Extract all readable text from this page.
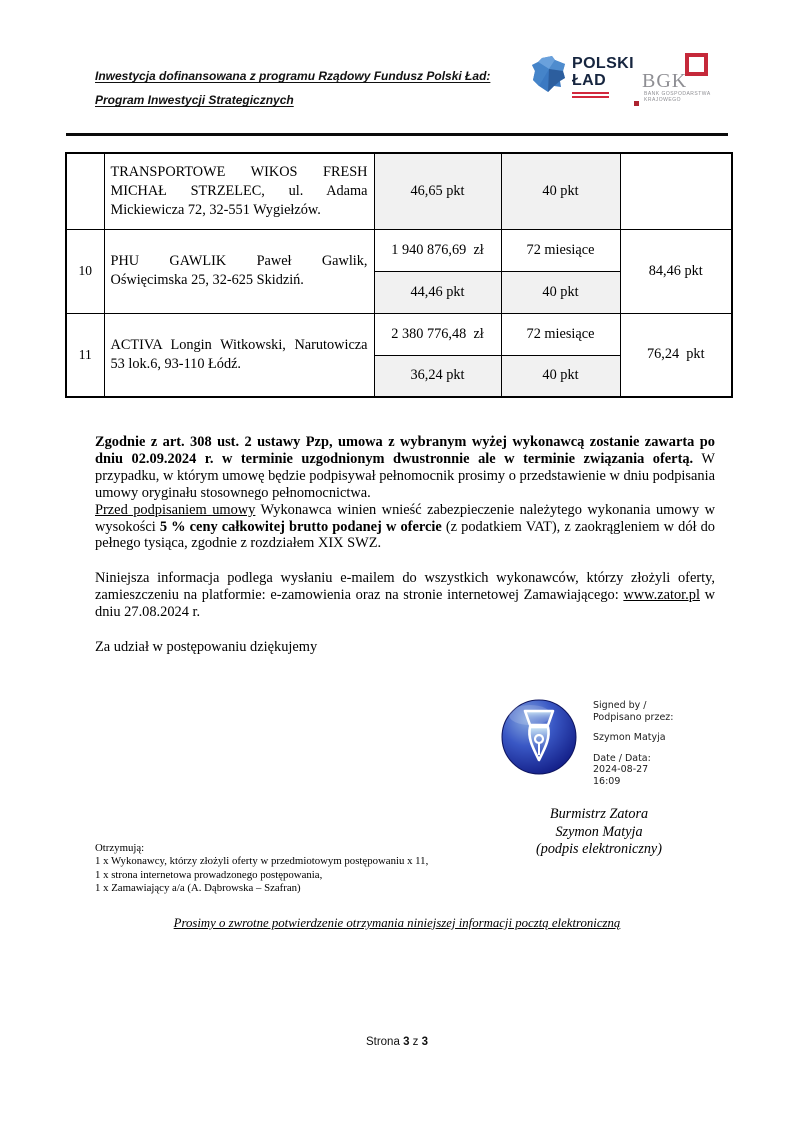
Inwestycja dofinansowana z programu Rządowy Fundusz Polski Ład:
Program Inwestycji Strategicznych
POLSKI
ŁAD	BGK
BANK GOSPODARSTWA
KRAJOWEGO
	TRANSPORTOWE WIKOS FRESH MICHAŁ STRZELEC, ul. Adama Mickiewicza 72, 32-551 Wygiełzów.	46,65 pkt	40 pkt	
10	PHU GAWLIK Paweł Gawlik, Oświęcimska 25, 32-625 Skidziń.	1 940 876,69  zł	72 miesiące	84,46 pkt
		44,46 pkt	40 pkt	
11	ACTIVA Longin Witkowski, Narutowicza 53 lok.6, 93-110 Łódź.	2 380 776,48  zł	72 miesiące	76,24  pkt
		36,24 pkt	40 pkt	

Zgodnie z art. 308 ust. 2 ustawy Pzp, umowa z wybranym wyżej wykonawcą zostanie zawarta po dniu 02.09.2024 r. w terminie uzgodnionym dwustronnie ale w terminie związania ofertą. W przypadku, w którym umowę będzie podpisywał pełnomocnik prosimy o przedstawienie w dniu podpisania umowy oryginału stosownego pełnomocnictwa.

Przed podpisaniem umowy Wykonawca winien wnieść zabezpieczenie należytego wykonania umowy w wysokości 5 % ceny całkowitej brutto podanej w ofercie (z podatkiem VAT), z zaokrągleniem w dół do pełnego tysiąca, zgodnie z rozdziałem XIX SWZ.

Niniejsza informacja podlega wysłaniu e-mailem do wszystkich wykonawców, którzy złożyli oferty, zamieszczeniu na platformie: e-zamowienia oraz na stronie internetowej Zamawiającego: www.zator.pl w dniu 27.08.2024 r.

Za udział w postępowaniu dziękujemy

Signed by /
Podpisano przez:
Szymon Matyja
Date / Data:
2024-08-27
16:09
Burmistrz Zatora
Szymon Matyja
(podpis elektroniczny)
Otrzymują:
1 x Wykonawcy, którzy złożyli oferty w przedmiotowym postępowaniu x 11,
1 x strona internetowa prowadzonego postępowania,
1 x Zamawiający a/a (A. Dąbrowska – Szafran)
Prosimy o zwrotne potwierdzenie otrzymania niniejszej informacji pocztą elektroniczną
Strona 3 z 3
